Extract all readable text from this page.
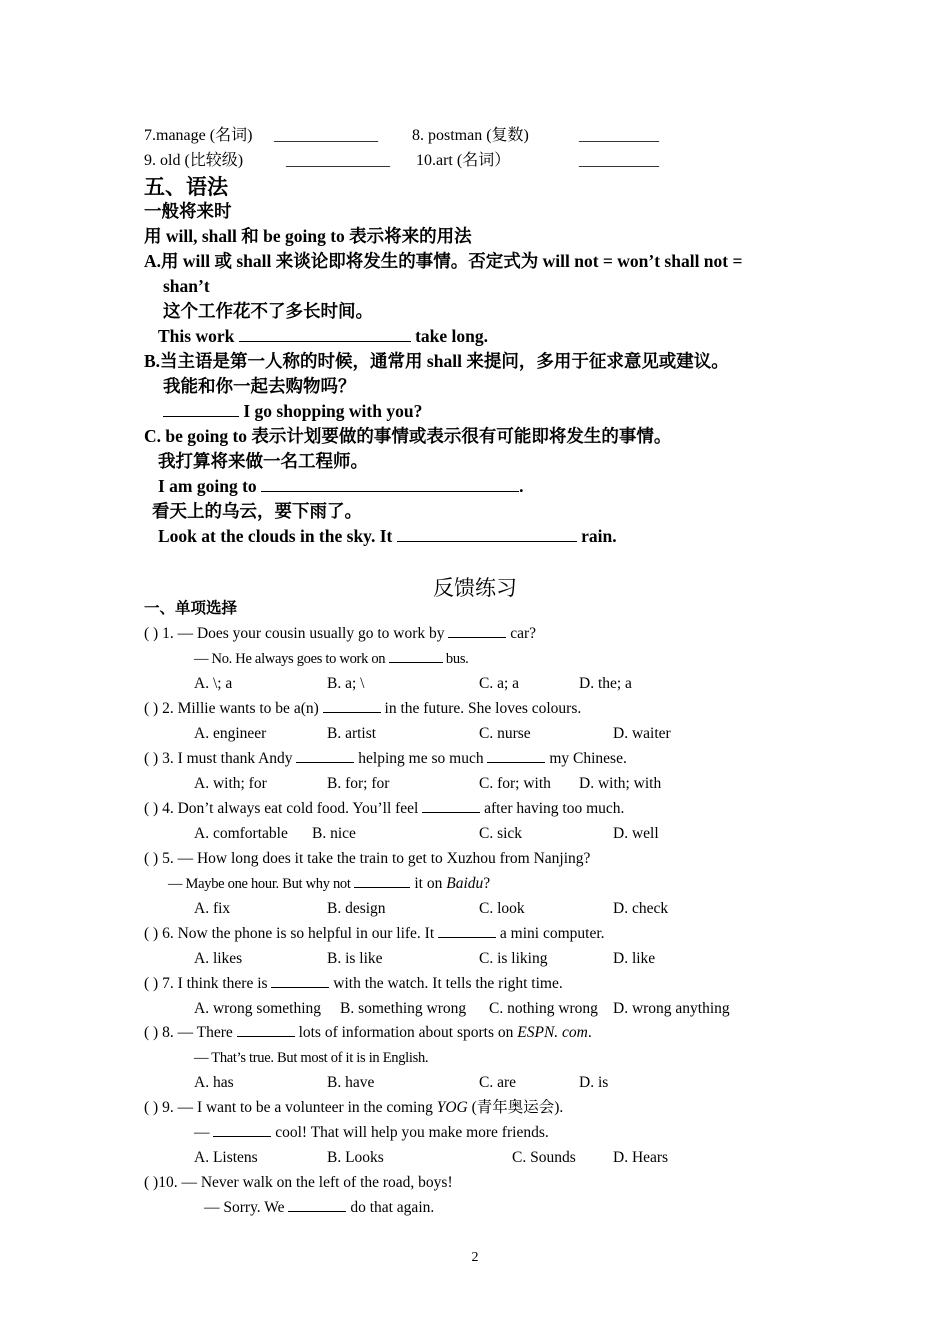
7.manage (名词) _____________ 8. postman (复数)	__________
9. old (比较级)	_____________ 10.art (名词）	__________
五、语法
一般将来时
用 will, shall 和 be going to 表示将来的用法
A.用 will 或 shall 来谈论即将发生的事情。否定式为 will not = won’t shall not =
shan’t
这个工作花不了多长时间。
This work	take long.
B.当主语是第一人称的时候，通常用 shall 来提问，多用于征求意见或建议。
我能和你一起去购物吗？
I go shopping with you?
C. be going to 表示计划要做的事情或表示很有可能即将发生的事情。
我打算将来做一名工程师。
I am going to	.
看天上的乌云，要下雨了。
Look at the clouds in the sky. It	rain.
反馈练习
一、单项选择
( ) 1. — Does your cousin usually go to work by	car?
— No. He always goes to work on	bus.
A. \; a	B. a; \	C. a; a	D. the; a
( ) 2. Millie wants to be a(n)	in the future. She loves colours.
A. engineer	B. artist	C. nurse	D. waiter
( ) 3. I must thank Andy	helping me so much	my Chinese.
A. with; for	B. for; for	C. for; with D. with; with
( ) 4. Don’t always eat cold food. You’ll feel	after having too much.
A. comfortable B. nice	C. sick	D. well
( ) 5. — How long does it take the train to get to Xuzhou from Nanjing?
— Maybe one hour. But why not	it on Baidu?
A. fix	B. design	C. look	D. check
( ) 6. Now the phone is so helpful in our life. It	a mini computer.
A. likes	B. is like	C. is liking	D. like
( ) 7. I think there is	with the watch. It tells the right time.
A. wrong something B. something wrong C. nothing wrong D. wrong anything
( ) 8. — There	lots of information about sports on ESPN. com.
— That’s true. But most of it is in English.
A. has	B. have	C. are	D. is
( ) 9. — I want to be a volunteer in the coming YOG (青年奥运会).
—	cool! That will help you make more friends.
A. Listens	B. Looks	C. Sounds D. Hears
( )10. — Never walk on the left of the road, boys!
— Sorry. We	do that again.
2
